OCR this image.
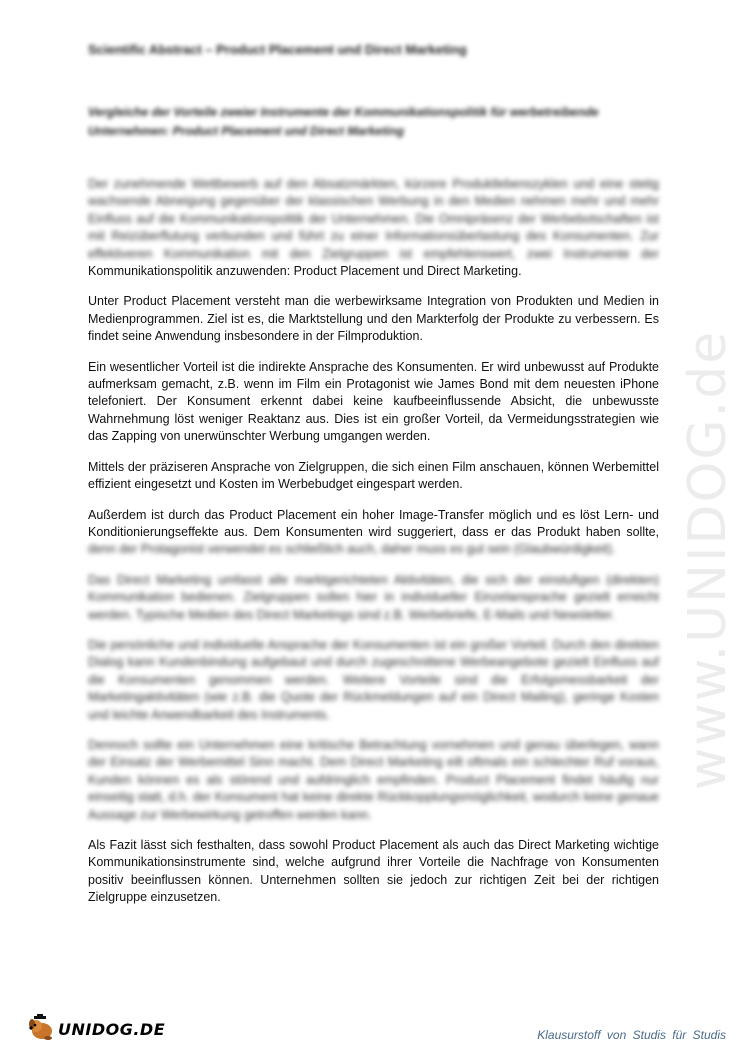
Scientific Abstract – Product Placement und Direct Marketing
Vergleiche der Vorteile zweier Instrumente der Kommunikationspolitik für werbetreibende Unternehmen: Product Placement und Direct Marketing

Der zunehmende Wettbewerb auf den Absatzmärkten, kürzere Produktlebenszyklen und eine stetig wachsende Abneigung gegenüber der klassischen Werbung in den Medien nehmen mehr und mehr Einfluss auf die Kommunikationspolitik der Unternehmen. Die Omnipräsenz der Werbebotschaften ist mit Reizüberflutung verbunden und führt zu einer Informationsüberlastung des Konsumenten. Zur effektiveren Kommunikation mit den Zielgruppen ist empfehlenswert, zwei Instrumente der Kommunikationspolitik anzuwenden: Product Placement und Direct Marketing.

Unter Product Placement versteht man die werbewirksame Integration von Produkten und Medien in Medienprogrammen. Ziel ist es, die Marktstellung und den Markterfolg der Produkte zu verbessern. Es findet seine Anwendung insbesondere in der Filmproduktion.

Ein wesentlicher Vorteil ist die indirekte Ansprache des Konsumenten. Er wird unbewusst auf Produkte aufmerksam gemacht, z.B. wenn im Film ein Protagonist wie James Bond mit dem neuesten iPhone telefoniert. Der Konsument erkennt dabei keine kaufbeeinflussende Absicht, die unbewusste Wahrnehmung löst weniger Reaktanz aus. Dies ist ein großer Vorteil, da Vermeidungsstrategien wie das Zapping von unerwünschter Werbung umgangen werden.

Mittels der präziseren Ansprache von Zielgruppen, die sich einen Film anschauen, können Werbemittel effizient eingesetzt und Kosten im Werbebudget eingespart werden.

Außerdem ist durch das Product Placement ein hoher Image-Transfer möglich und es löst Lern- und Konditionierungseffekte aus. Dem Konsumenten wird suggeriert, dass er das Produkt haben sollte, denn der Protagonist verwendet es schließlich auch, daher muss es gut sein (Glaubwürdigkeit).

Das Direct Marketing umfasst alle marktgerichteten Aktivitäten, die sich der einstufigen (direkten) Kommunikation bedienen. Zielgruppen sollen hier in individueller Einzelansprache gezielt erreicht werden. Typische Medien des Direct Marketings sind z.B. Werbebriefe, E-Mails und Newsletter.

Die persönliche und individuelle Ansprache der Konsumenten ist ein großer Vorteil. Durch den direkten Dialog kann Kundenbindung aufgebaut und durch zugeschnittene Werbeangebote gezielt Einfluss auf die Konsumenten genommen werden. Weitere Vorteile sind die Erfolgsmessbarkeit der Marketingaktivitäten (wie z.B. die Quote der Rückmeldungen auf ein Direct Mailing), geringe Kosten und leichte Anwendbarkeit des Instruments.

Dennoch sollte ein Unternehmen eine kritische Betrachtung vornehmen und genau überlegen, wann der Einsatz der Werbemittel Sinn macht. Dem Direct Marketing eilt oftmals ein schlechter Ruf voraus, Kunden können es als störend und aufdringlich empfinden. Product Placement findet häufig nur einseitig statt, d.h. der Konsument hat keine direkte Rückkopplungsmöglichkeit, wodurch keine genaue Aussage zur Werbewirkung getroffen werden kann.

Als Fazit lässt sich festhalten, dass sowohl Product Placement als auch das Direct Marketing wichtige Kommunikationsinstrumente sind, welche aufgrund ihrer Vorteile die Nachfrage von Konsumenten positiv beeinflussen können. Unternehmen sollten sie jedoch zur richtigen Zeit bei der richtigen Zielgruppe einzusetzen.

www.UNIDOG.de
UNIDOG.DE	Klausurstoff von Studis für Studis
